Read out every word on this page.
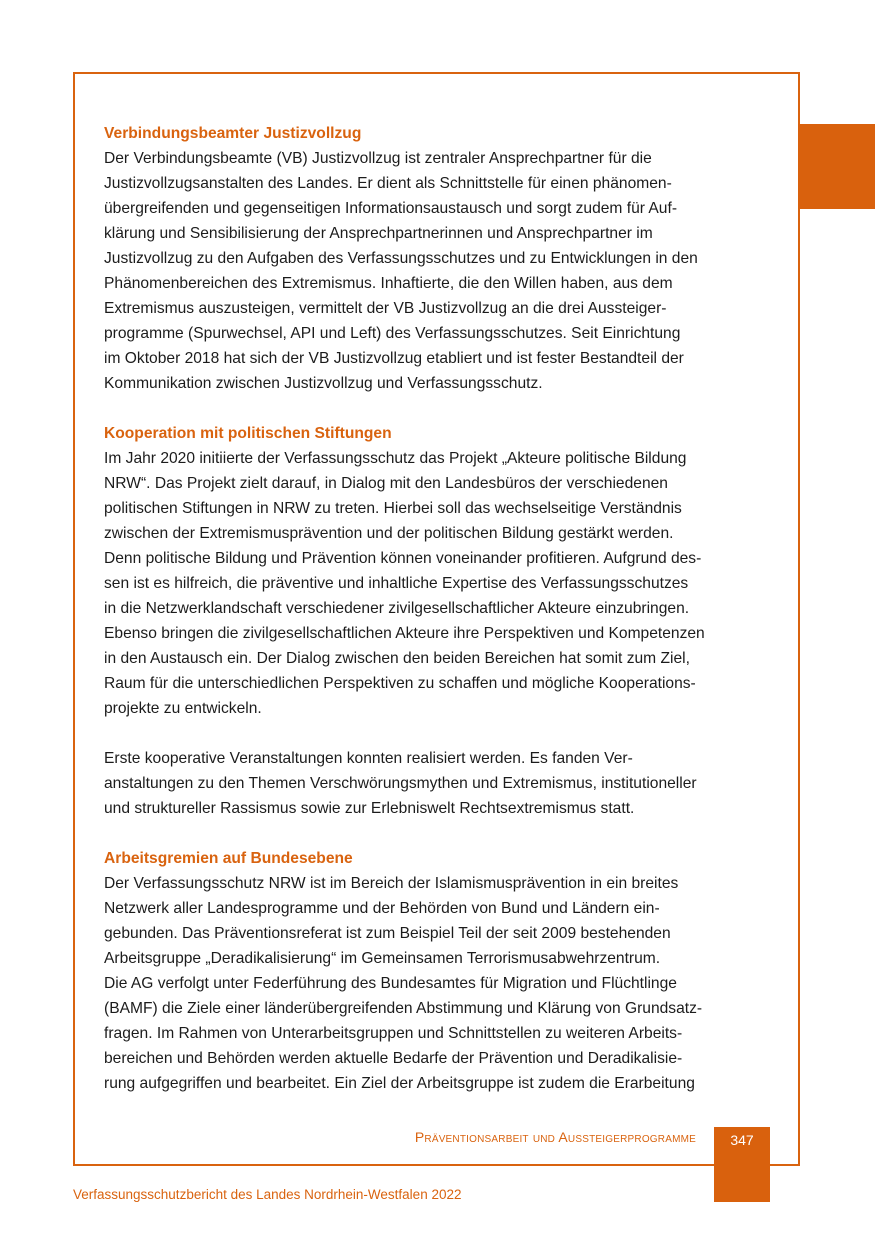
Verbindungsbeamter Justizvollzug

Der Verbindungsbeamte (VB) Justizvollzug ist zentraler Ansprechpartner für die
Justizvollzugsanstalten des Landes. Er dient als Schnittstelle für einen phänomen-
übergreifenden und gegenseitigen Informationsaustausch und sorgt zudem für Auf-
klärung und Sensibilisierung der Ansprechpartnerinnen und Ansprechpartner im
Justizvollzug zu den Aufgaben des Verfassungsschutzes und zu Entwicklungen in den
Phänomenbereichen des Extremismus. Inhaftierte, die den Willen haben, aus dem
Extremismus auszusteigen, vermittelt der VB Justizvollzug an die drei Aussteiger-
programme (Spurwechsel, API und Left) des Verfassungsschutzes. Seit Einrichtung
im Oktober 2018 hat sich der VB Justizvollzug etabliert und ist fester Bestandteil der
Kommunikation zwischen Justizvollzug und Verfassungsschutz.

Kooperation mit politischen Stiftungen

Im Jahr 2020 initiierte der Verfassungsschutz das Projekt „Akteure politische Bildung
NRW“. Das Projekt zielt darauf, in Dialog mit den Landesbüros der verschiedenen
politischen Stiftungen in NRW zu treten. Hierbei soll das wechselseitige Verständnis
zwischen der Extremismusprävention und der politischen Bildung gestärkt werden.
Denn politische Bildung und Prävention können voneinander profitieren. Aufgrund des-
sen ist es hilfreich, die präventive und inhaltliche Expertise des Verfassungsschutzes
in die Netzwerklandschaft verschiedener zivilgesellschaftlicher Akteure einzubringen.
Ebenso bringen die zivilgesellschaftlichen Akteure ihre Perspektiven und Kompetenzen
in den Austausch ein. Der Dialog zwischen den beiden Bereichen hat somit zum Ziel,
Raum für die unterschiedlichen Perspektiven zu schaffen und mögliche Kooperations-
projekte zu entwickeln.

Erste kooperative Veranstaltungen konnten realisiert werden. Es fanden Ver-
anstaltungen zu den Themen Verschwörungsmythen und Extremismus, institutioneller
und struktureller Rassismus sowie zur Erlebniswelt Rechtsextremismus statt.

Arbeitsgremien auf Bundesebene

Der Verfassungsschutz NRW ist im Bereich der Islamismusprävention in ein breites
Netzwerk aller Landesprogramme und der Behörden von Bund und Ländern ein-
gebunden. Das Präventionsreferat ist zum Beispiel Teil der seit 2009 bestehenden
Arbeitsgruppe „Deradikalisierung“ im Gemeinsamen Terrorismusabwehrzentrum.
Die AG verfolgt unter Federführung des Bundesamtes für Migration und Flüchtlinge
(BAMF) die Ziele einer länderübergreifenden Abstimmung und Klärung von Grundsatz-
fragen. Im Rahmen von Unterarbeitsgruppen und Schnittstellen zu weiteren Arbeits-
bereichen und Behörden werden aktuelle Bedarfe der Prävention und Deradikalisie-
rung aufgegriffen und bearbeitet. Ein Ziel der Arbeitsgruppe ist zudem die Erarbeitung

Präventionsarbeit und Aussteigerprogramme	347
Verfassungsschutzbericht des Landes Nordrhein-Westfalen 2022
